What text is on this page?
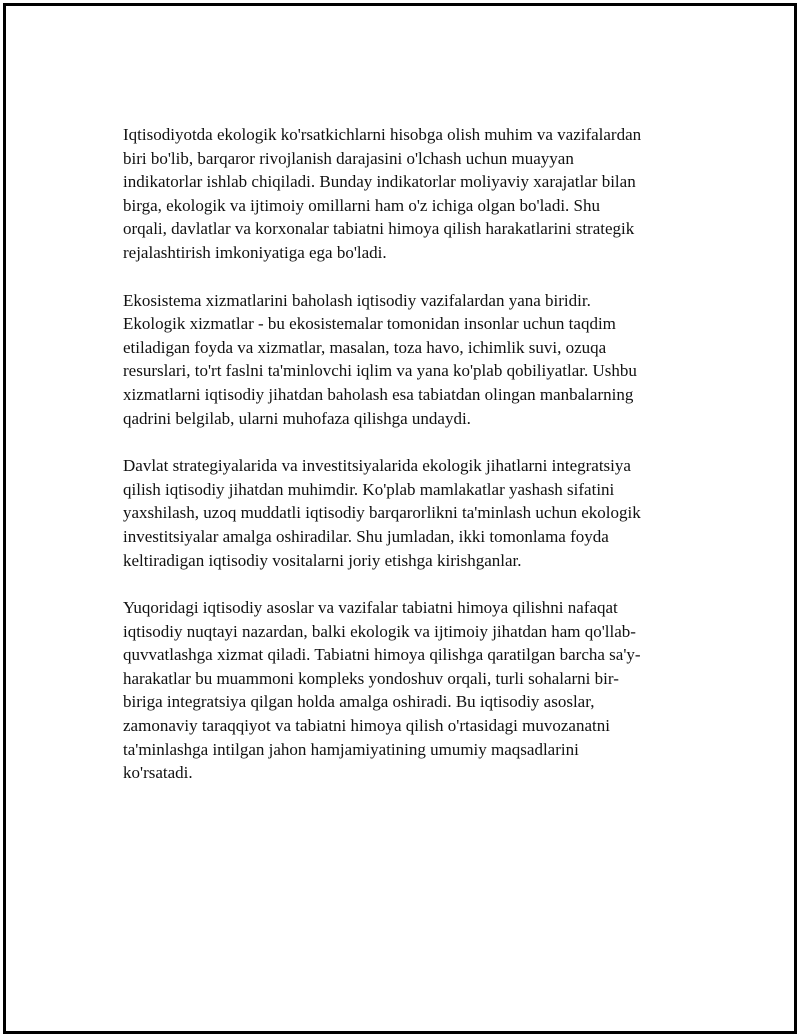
Iqtisodiyotda ekologik ko'rsatkichlarni hisobga olish muhim va vazifalardan
biri bo'lib, barqaror rivojlanish darajasini o'lchash uchun muayyan
indikatorlar ishlab chiqiladi. Bunday indikatorlar moliyaviy xarajatlar bilan
birga, ekologik va ijtimoiy omillarni ham o'z ichiga olgan bo'ladi. Shu
orqali, davlatlar va korxonalar tabiatni himoya qilish harakatlarini strategik
rejalashtirish imkoniyatiga ega bo'ladi.

Ekosistema xizmatlarini baholash iqtisodiy vazifalardan yana biridir.
Ekologik xizmatlar - bu ekosistemalar tomonidan insonlar uchun taqdim
etiladigan foyda va xizmatlar, masalan, toza havo, ichimlik suvi, ozuqa
resurslari, to'rt faslni ta'minlovchi iqlim va yana ko'plab qobiliyatlar. Ushbu
xizmatlarni iqtisodiy jihatdan baholash esa tabiatdan olingan manbalarning
qadrini belgilab, ularni muhofaza qilishga undaydi.

Davlat strategiyalarida va investitsiyalarida ekologik jihatlarni integratsiya
qilish iqtisodiy jihatdan muhimdir. Ko'plab mamlakatlar yashash sifatini
yaxshilash, uzoq muddatli iqtisodiy barqarorlikni ta'minlash uchun ekologik
investitsiyalar amalga oshiradilar. Shu jumladan, ikki tomonlama foyda
keltiradigan iqtisodiy vositalarni joriy etishga kirishganlar.

Yuqoridagi iqtisodiy asoslar va vazifalar tabiatni himoya qilishni nafaqat
iqtisodiy nuqtayi nazardan, balki ekologik va ijtimoiy jihatdan ham qo'llab-
quvvatlashga xizmat qiladi. Tabiatni himoya qilishga qaratilgan barcha sa'y-
harakatlar bu muammoni kompleks yondoshuv orqali, turli sohalarni bir-
biriga integratsiya qilgan holda amalga oshiradi. Bu iqtisodiy asoslar,
zamonaviy taraqqiyot va tabiatni himoya qilish o'rtasidagi muvozanatni
ta'minlashga intilgan jahon hamjamiyatining umumiy maqsadlarini
ko'rsatadi.
